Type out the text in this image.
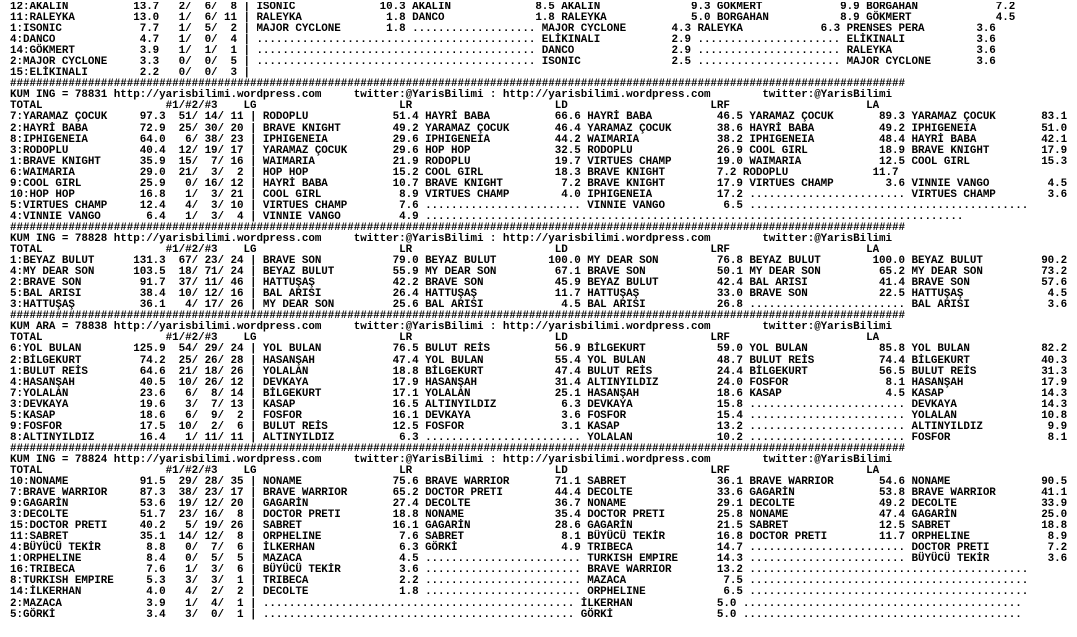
12:AKALIN          13.7   2/  6/  8 | ISONIC             10.3 AKALIN             8.5 AKALIN              9.3 GÖKMERT            9.9 BORGAHAN            7.2
11:RALEYKA         13.0   1/  6/ 11 | RALEYKA             1.8 DANCO              1.8 RALEYKA             5.0 BORGAHAN           8.9 GÖKMERT             4.5
1:ISONIC            7.7   1/  5/  2 | MAJOR CYCLONE       1.8 ................... MAJOR CYCLONE       4.3 RALEYKA            6.3 PRENSES PERA        3.6
4:DANCO             4.7   1/  0/  4 | ........................................... ELİKINALI           2.9 ...................... ELİKINALI           3.6
14:GÖKMERT          3.9   1/  1/  1 | ........................................... DANCO               2.9 ...................... RALEYKA             3.6
2:MAJOR CYCLONE     3.3   0/  0/  5 | ........................................... ISONIC              2.5 ...................... MAJOR CYCLONE       3.6
15:ELİKINALI        2.2   0/  0/  3 |
##########################################################################################################################################
KUM ING = 78831 http://yarisbilimi.wordpress.com     twitter:@YarisBilimi : http://yarisbilimi.wordpress.com        twitter:@YarisBilimi
TOTAL                   #1/#2/#3    LG                      LR                      LD                      LRF                     LA
7:YARAMAZ ÇOCUK     97.3  51/ 14/ 11 | RODOPLU             51.4 HAYRİ BABA          66.6 HAYRİ BABA          46.5 YARAMAZ ÇOCUK       89.3 YARAMAZ ÇOCUK       83.1
2:HAYRİ BABA        72.9  25/ 30/ 20 | BRAVE KNIGHT        49.2 YARAMAZ ÇOCUK       46.4 YARAMAZ ÇOCUK       38.6 HAYRİ BABA          49.2 IPHIGENEIA          51.0
8:IPHIGENEIA        64.0   6/ 38/ 23 | IPHIGENEIA          29.6 IPHIGENEIA          44.2 WAIMARIA            38.2 IPHIGENEIA          48.4 HAYRİ BABA          42.1
3:RODOPLU           40.4  12/ 19/ 17 | YARAMAZ ÇOCUK       29.6 HOP HOP             32.5 RODOPLU             26.9 COOL GIRL           18.9 BRAVE KNIGHT        17.9
1:BRAVE KNIGHT      35.9  15/  7/ 16 | WAIMARIA            21.9 RODOPLU             19.7 VIRTUES CHAMP       19.0 WAIMARIA            12.5 COOL GIRL           15.3
6:WAIMARIA          29.0  21/  3/  2 | HOP HOP             15.2 COOL GIRL           18.3 BRAVE KNIGHT        7.2 RODOPLU             11.7
9:COOL GIRL         25.9   0/ 16/ 12 | HAYRİ BABA          10.7 BRAVE KNIGHT         7.2 BRAVE KNIGHT        17.9 VIRTUES CHAMP        3.6 VINNIE VANGO         4.5
10:HOP HOP          16.8   1/  3/ 21 | COOL GIRL            8.9 VIRTUES CHAMP        4.0 IPHIGENEIA          17.2 ........................ VIRTUES CHAMP        3.6
5:VIRTUES CHAMP     12.4   4/  3/ 10 | VIRTUES CHAMP        7.6 ........................ VINNIE VANGO         6.5 ...........................................
4:VINNIE VANGO       6.4   1/  3/  4 | VINNIE VANGO         4.9 ...................................................................................
##########################################################################################################################################
KUM ING = 78828 http://yarisbilimi.wordpress.com     twitter:@YarisBilimi : http://yarisbilimi.wordpress.com        twitter:@YarisBilimi
TOTAL                   #1/#2/#3    LG                      LR                      LD                      LRF                     LA
1:BEYAZ BULUT      131.3  67/ 23/ 24 | BRAVE SON           79.0 BEYAZ BULUT        100.0 MY DEAR SON         76.8 BEYAZ BULUT        100.0 BEYAZ BULUT         90.2
4:MY DEAR SON      103.5  18/ 71/ 24 | BEYAZ BULUT         55.9 MY DEAR SON         67.1 BRAVE SON           50.1 MY DEAR SON         65.2 MY DEAR SON         73.2
2:BRAVE SON         91.7  37/ 11/ 46 | HATTUŞAŞ            42.2 BRAVE SON           45.9 BEYAZ BULUT         42.4 BAL ARISI           41.4 BRAVE SON           57.6
5:BAL ARISI         38.4  10/ 12/ 16 | BAL ARISI           26.4 HATTUŞAŞ            11.7 HATTUŞAŞ            33.0 BRAVE SON           22.5 HATTUŞAŞ             4.5
3:HATTUŞAŞ          36.1   4/ 17/ 26 | MY DEAR SON         25.6 BAL ARISI            4.5 BAL ARISI           26.8 ........................ BAL ARISI            3.6
##########################################################################################################################################
KUM ARA = 78838 http://yarisbilimi.wordpress.com     twitter:@YarisBilimi : http://yarisbilimi.wordpress.com        twitter:@YarisBilimi
TOTAL                   #1/#2/#3    LG                      LR                      LD                      LRF                     LA
6:YOL BULAN        125.9  54/ 29/ 24 | YOL BULAN           76.5 BULUT REİS          56.9 BİLGEKURT           59.0 YOL BULAN           85.8 YOL BULAN           82.2
2:BİLGEKURT         74.2  25/ 26/ 28 | HASANŞAH            47.4 YOL BULAN           55.4 YOL BULAN           48.7 BULUT REİS          74.4 BİLGEKURT           40.3
1:BULUT REİS        64.6  21/ 18/ 26 | YOLALAN             18.8 BİLGEKURT           47.4 BULUT REİS          24.4 BİLGEKURT           56.5 BULUT REİS          31.3
4:HASANŞAH          40.5  10/ 26/ 12 | DEVKAYA             17.9 HASANŞAH            31.4 ALTINYILDIZ         24.0 FOSFOR               8.1 HASANŞAH            17.9
7:YOLALAN           23.6   6/  8/ 14 | BİLGEKURT           17.1 YOLALAN             25.1 HASANŞAH            18.6 KASAP                4.5 KASAP               14.3
3:DEVKAYA           19.6   3/  7/ 13 | KASAP               16.5 ALTINYILDIZ          6.3 DEVKAYA             15.8 ........................ DEVKAYA             14.3
5:KASAP             18.6   6/  9/  2 | FOSFOR              16.1 DEVKAYA              3.6 FOSFOR              15.4 ........................ YOLALAN             10.8
9:FOSFOR            17.5  10/  2/  6 | BULUT REİS          12.5 FOSFOR               3.1 KASAP               13.2 ........................ ALTINYILDIZ          9.9
8:ALTINYILDIZ       16.4   1/ 11/ 11 | ALTINYILDIZ          6.3 ........................ YOLALAN             10.2 ........................ FOSFOR               8.1
##########################################################################################################################################
KUM ING = 78824 http://yarisbilimi.wordpress.com     twitter:@YarisBilimi : http://yarisbilimi.wordpress.com        twitter:@YarisBilimi
TOTAL                   #1/#2/#3    LG                      LR                      LD                      LRF                     LA
10:NONAME           91.5  29/ 28/ 35 | NONAME              75.6 BRAVE WARRIOR       71.1 SABRET              36.1 BRAVE WARRIOR       54.6 NONAME              90.5
7:BRAVE WARRIOR     87.3  38/ 23/ 17 | BRAVE WARRIOR       65.2 DOCTOR PRETI        44.4 DECOLTE             33.6 GAGARİN             53.8 BRAVE WARRIOR       41.1
9:GAGARİN           53.6  19/ 12/ 20 | GAGARİN             27.4 DECOLTE             36.7 NONAME              29.1 DECOLTE             49.2 DECOLTE             33.9
3:DECOLTE           51.7  23/ 16/  8 | DOCTOR PRETI        18.8 NONAME              35.4 DOCTOR PRETI        25.8 NONAME              47.4 GAGARİN             25.0
15:DOCTOR PRETI     40.2   5/ 19/ 26 | SABRET              16.1 GAGARİN             28.6 GAGARİN             21.5 SABRET              12.5 SABRET              18.8
11:SABRET           35.1  14/ 12/  8 | ORPHELINE            7.6 SABRET               8.1 BÜYÜCÜ TEKİR        16.8 DOCTOR PRETI        11.7 ORPHELINE            8.9
4:BÜYÜCÜ TEKİR       8.8   0/  7/  6 | İLKERHAN             6.3 GÖRKİ                4.9 TRIBECA             14.7 ........................ DOCTOR PRETI         7.2
1:ORPHELINE          8.4   0/  5/  5 | MAZACA               4.5 ........................ TURKISH EMPIRE      14.3 ........................ BÜYÜCÜ TEKİR         3.6
16:TRIBECA           7.6   1/  3/  6 | BÜYÜCÜ TEKİR         3.6 ........................ BRAVE WARRIOR       13.2 ...........................................
8:TURKISH EMPIRE     5.3   3/  3/  1 | TRIBECA              2.2 ........................ MAZACA               7.5 ...........................................
14:İLKERHAN          4.0   4/  2/  2 | DECOLTE              1.8 ........................ ORPHELINE            6.5 ...........................................
2:MAZACA             3.9   1/  4/  1 | ................................................ İLKERHAN             5.0 ...........................................
5:GÖRKİ              3.4   3/  0/  1 | ................................................ GÖRKİ                5.0 ...........................................
